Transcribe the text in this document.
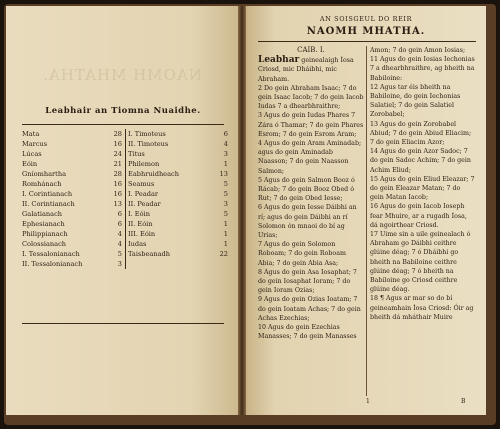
NAOMH MHATHA.
Leabhair an Tiomna Nuaidhe.
Mata	28
Marcus	16
Lúcas	24
Eóin	21
Gníomhartha	28
Romhánach	16
I. Corintianach	16
II. Corintianach	13
Galatianach	6
Ephesianach	6
Philippianach	4
Colossianach	4
I. Tessalonianach	5
II. Tessalonianach	3
I. Timoteus	6
II. Timoteus	4
Titus	3
Philemon	1
Eabhruidheach	13
Seamus	5
I. Peadar	5
II. Peadar	3
I. Eóin	5
II. Eóin	1
III. Eóin	1
Iudas	1
Taisbeanadh	22
AN SOISGEUL DO REIR
NAOMH MHATHA.
CAIB. I.

Leabhar geinealaigh Íosa Criosd, mic Dháibhi, mic Abraham.

2 Do gein Abraham Isaac; 7 do gein Isaac Iacob; 7 do gein Iacob Iudas 7 a dhearbhraithre;

3 Agus do gein Iudas Phares 7 Zára ó Thamar; 7 do gein Phares Esrom; 7 do gein Esrom Aram;

4 Agus do gein Aram Aminadab; agus do gein Aminadab Naasson; 7 do gein Naasson Salmon;

5 Agus do gein Salmon Booz ó Rácab; 7 do gein Booz Obed ó Rut; 7 do gein Obed Iesse;

6 Agus do gein Iesse Dáibhi an rí; agus do gein Dáibhi an rí Solomon ón mnaoi do bí ag Urias;

7 Agus do gein Solomon Roboam; 7 do gein Roboam Abia; 7 do gein Abia Asa;

8 Agus do gein Asa Iosaphat; 7 do gein Iosaphat Ioram; 7 do gein Ioram Ozias;

9 Agus do gein Ozias Ioatam; 7 do gein Ioatam Achas; 7 do gein Achas Ezechias;

10 Agus do gein Ezechias Manasses; 7 do gein Manasses

Amon; 7 do gein Amon Iosias;

11 Agus do gein Iosias Iechonias 7 a dhearbhraithre, ag bheith na Babiloine:

12 Agus tar éis bheith na Babiloine, do gein Iechonias Salatiel; 7 do gein Salatiel Zorobabel;

13 Agus do gein Zorobabel Abiud; 7 do gein Abiud Eliacim; 7 do gein Eliacim Azor;

14 Agus do gein Azor Sadoc; 7 do gein Sadoc Achim; 7 do gein Achim Eliud;

15 Agus do gein Eliud Eleazar; 7 do gein Eleazar Matan; 7 do gein Matan Iacob;

16 Agus do gein Iacob Ioseph fear Mhuire, ar a rugadh Íosa, dá ngoirthear Criosd.

17 Uime sin a uile geinealach ó Abraham go Dáibhi ceithre glúine déag; 7 ó Dháibhi go bheith na Babiloine ceithre glúine déag; 7 ó bheith na Babiloine go Criosd ceithre glúine déag.

18 ¶ Agus ar mar so do bí geineamhain Íosa Criosd: Óir ag bheith dá mháthair Muire

1	B
